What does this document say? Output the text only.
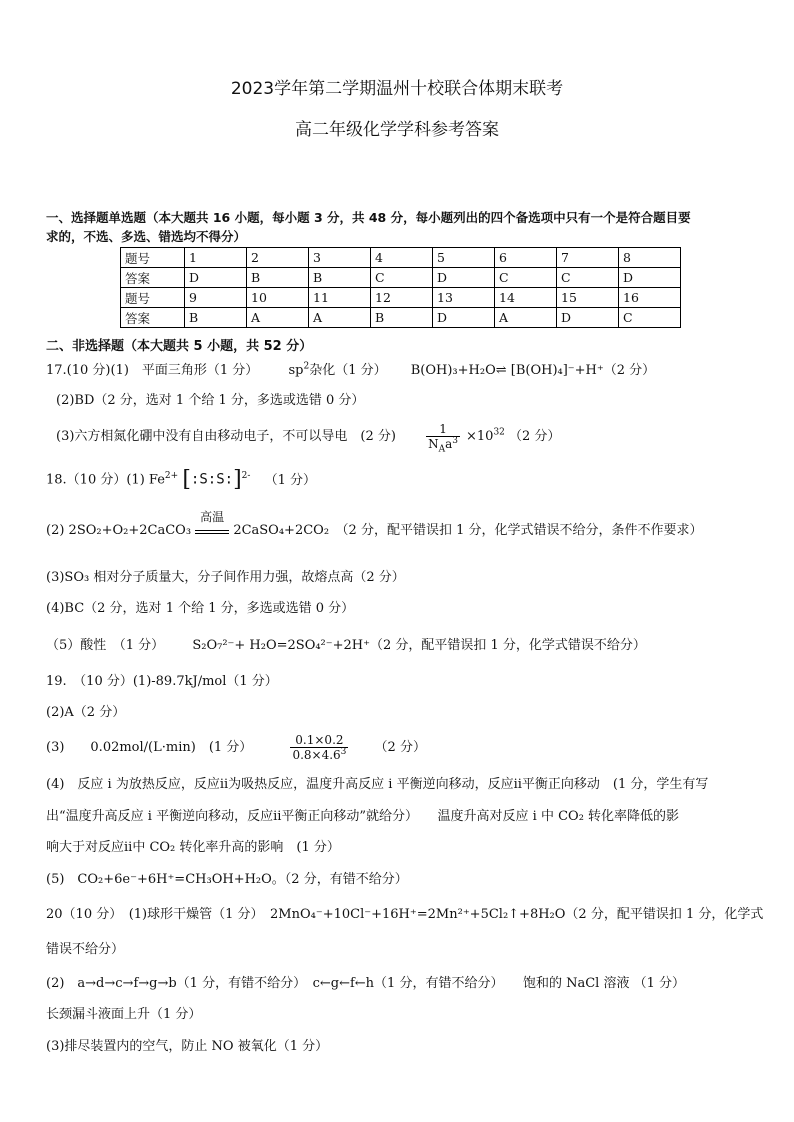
2023学年第二学期温州十校联合体期末联考
高二年级化学学科参考答案
一、选择题单选题（本大题共 16 小题，每小题 3 分，共 48 分，每小题列出的四个备选项中只有一个是符合题目要
求的，不选、多选、错选均不得分）
题号	1	2	3	4	5	6	7	8
答案	D	B	B	C	D	C	C	D
题号	9	10	11	12	13	14	15	16
答案	B	A	A	B	D	A	D	C
二、非选择题（本大题共 5 小题，共 52 分）
17.(10 分)(1)　平面三角形（1 分） $sp^2$杂化（1 分） B(OH)₃+H₂O⇌ [B(OH)₄]⁻+H⁺（2 分）
(2)BD（2 分，选对 1 个给 1 分，多选或选错 0 分）
(3)六方相氮化硼中没有自由移动电子，不可以导电　(2 分)	$\frac{1}{N_Aa^3} \times 10^{32}$ （2 分）
18.（10 分）(1) $Fe^{2+}$ [:S:S:]$^{2-}$ （1 分）
(2) 2SO₂+O₂+2CaCO₃
高温
2CaSO₄+2CO₂　（2 分，配平错误扣 1 分，化学式错误不给分，条件不作要求）
(3)SO₃ 相对分子质量大，分子间作用力强，故熔点高（2 分）
(4)BC（2 分，选对 1 个给 1 分，多选或选错 0 分）
（5）酸性　（1 分） S₂O₇²⁻+ H₂O=2SO₄²⁻+2H⁺（2 分，配平错误扣 1 分，化学式错误不给分）
19.　（10 分）(1)-89.7kJ/mol（1 分）
(2)A（2 分）
(3)　　0.02mol/(L·min)　(1 分）	$\frac{0.1\times 0.2}{0.8\times 4.6^3} (2$ 分）
(4)　反应 i 为放热反应，反应ii为吸热反应，温度升高反应 i 平衡逆向移动，反应ii平衡正向移动　(1 分，学生有写
出“温度升高反应 i 平衡逆向移动，反应ii平衡正向移动”就给分）　　温度升高对反应 i 中 CO₂ 转化率降低的影
响大于对反应ii中 CO₂ 转化率升高的影响　(1 分）
(5)　CO₂+6e⁻+6H⁺=CH₃OH+H₂O。（2 分，有错不给分）
20（10 分）　(1)球形干燥管（1 分）　2MnO₄⁻+10Cl⁻+16H⁺=2Mn²⁺+5Cl₂↑+8H₂O（2 分，配平错误扣 1 分，化学式
错误不给分）
(2)　a→d→c→f→g→b（1 分，有错不给分）　c←g←f←h（1 分，有错不给分）　　饱和的 NaCl 溶液 （1 分）
长颈漏斗液面上升（1 分）
(3)排尽装置内的空气，防止 NO 被氧化（1 分）
